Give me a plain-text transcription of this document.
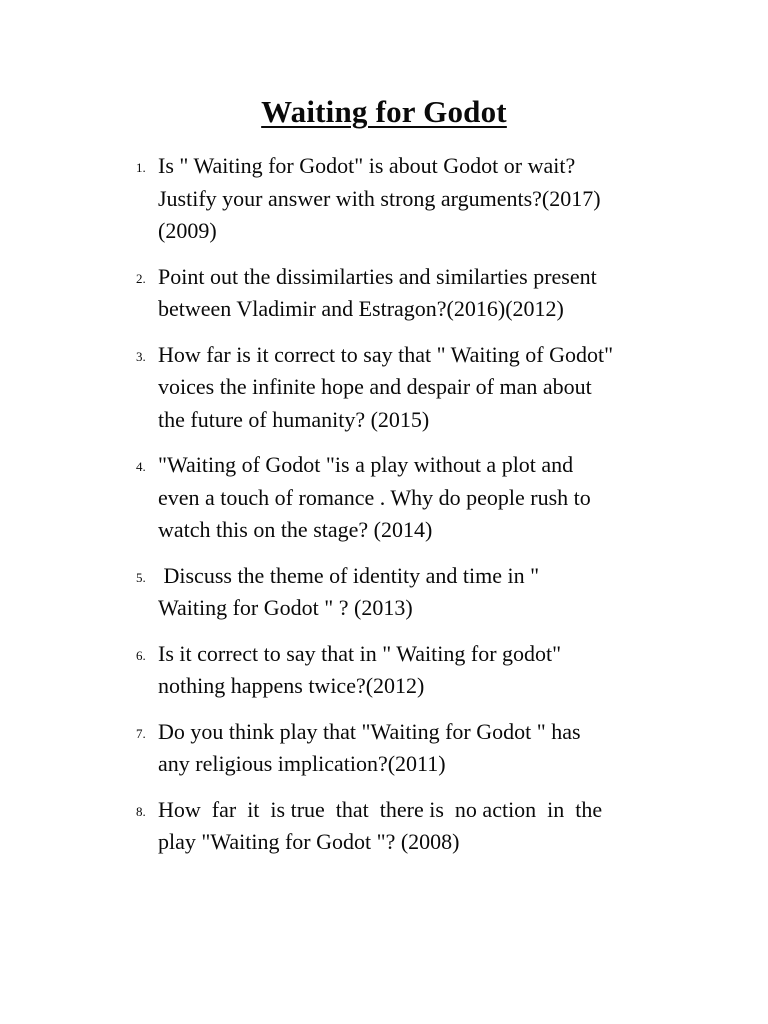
Waiting for Godot
1. Is " Waiting for Godot" is about Godot or wait?
Justify your answer with strong arguments?(2017)
(2009)
2. Point out the dissimilarties and similarties present
between Vladimir and Estragon?(2016)(2012)
3. How far is it correct to say that " Waiting of Godot"
voices the infinite hope and despair of man about
the future of humanity? (2015)
4. "Waiting of Godot "is a play without a plot and
even a touch of romance . Why do people rush to
watch this on the stage? (2014)
5. Discuss the theme of identity and time in "
Waiting for Godot " ? (2013)
6. Is it correct to say that in " Waiting for godot"
nothing happens twice?(2012)
7. Do you think play that "Waiting for Godot " has
any religious implication?(2011)
8. How  far  it  is true  that  there is  no action  in  the
play "Waiting for Godot "? (2008)
